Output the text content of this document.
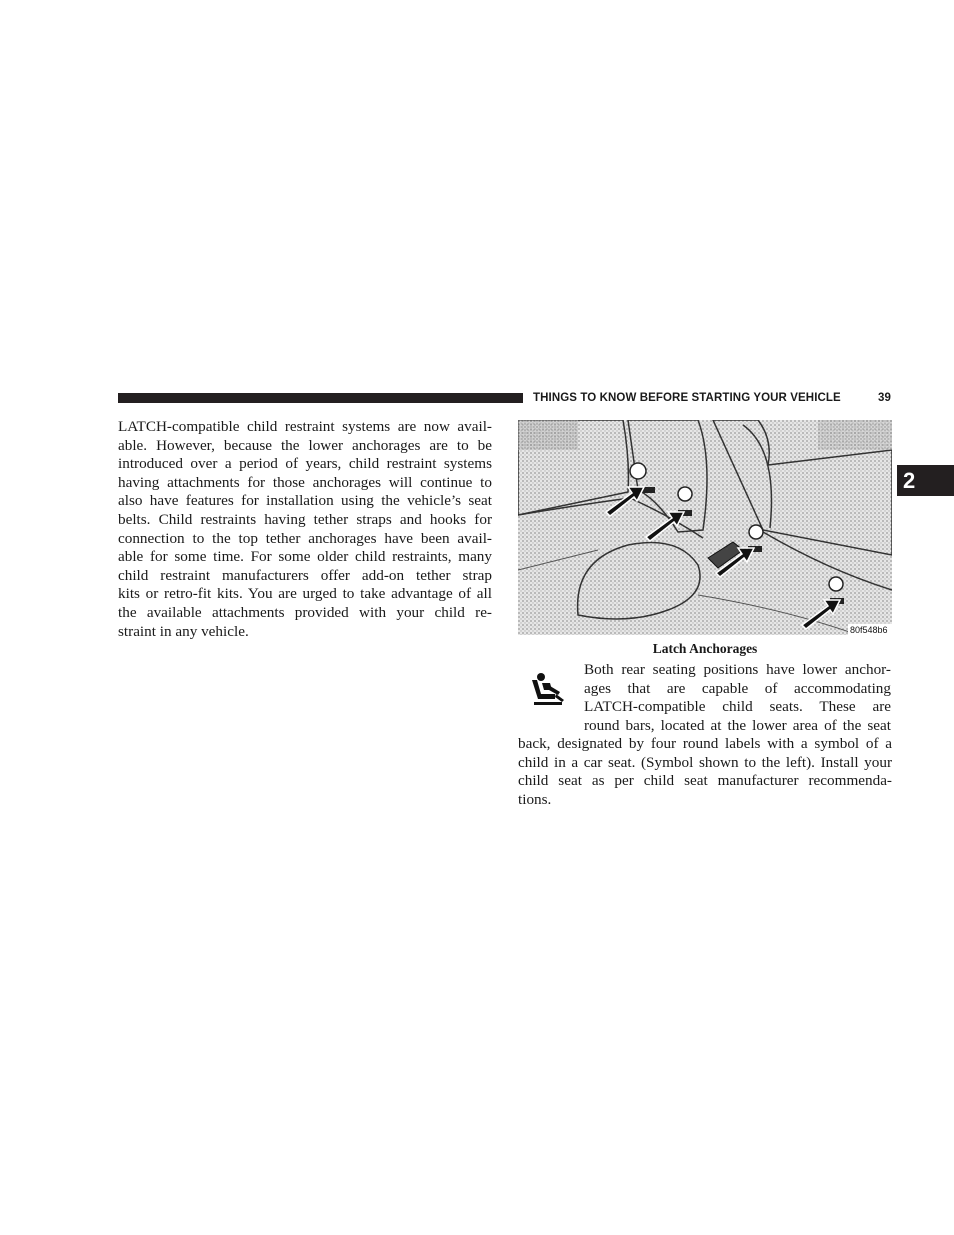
THINGS TO KNOW BEFORE STARTING YOUR VEHICLE	39
2

LATCH-compatible child restraint systems are now avail-

able. However, because the lower anchorages are to be

introduced over a period of years, child restraint systems

having attachments for those anchorages will continue to

also have features for installation using the vehicle’s seat

belts. Child restraints having tether straps and hooks for

connection to the top tether anchorages have been avail-

able for some time. For some older child restraints, many

child restraint manufacturers offer add-on tether strap

kits or retro-fit kits. You are urged to take advantage of all

the available attachments provided with your child re-

straint in any vehicle.	80f548b6
Latch Anchorages

Both rear seating positions have lower anchor-

ages that are capable of accommodating

LATCH-compatible child seats. These are

round bars, located at the lower area of the seat

back, designated by four round labels with a symbol of a

child in a car seat. (Symbol shown to the left). Install your

child seat as per child seat manufacturer recommenda-

tions.
